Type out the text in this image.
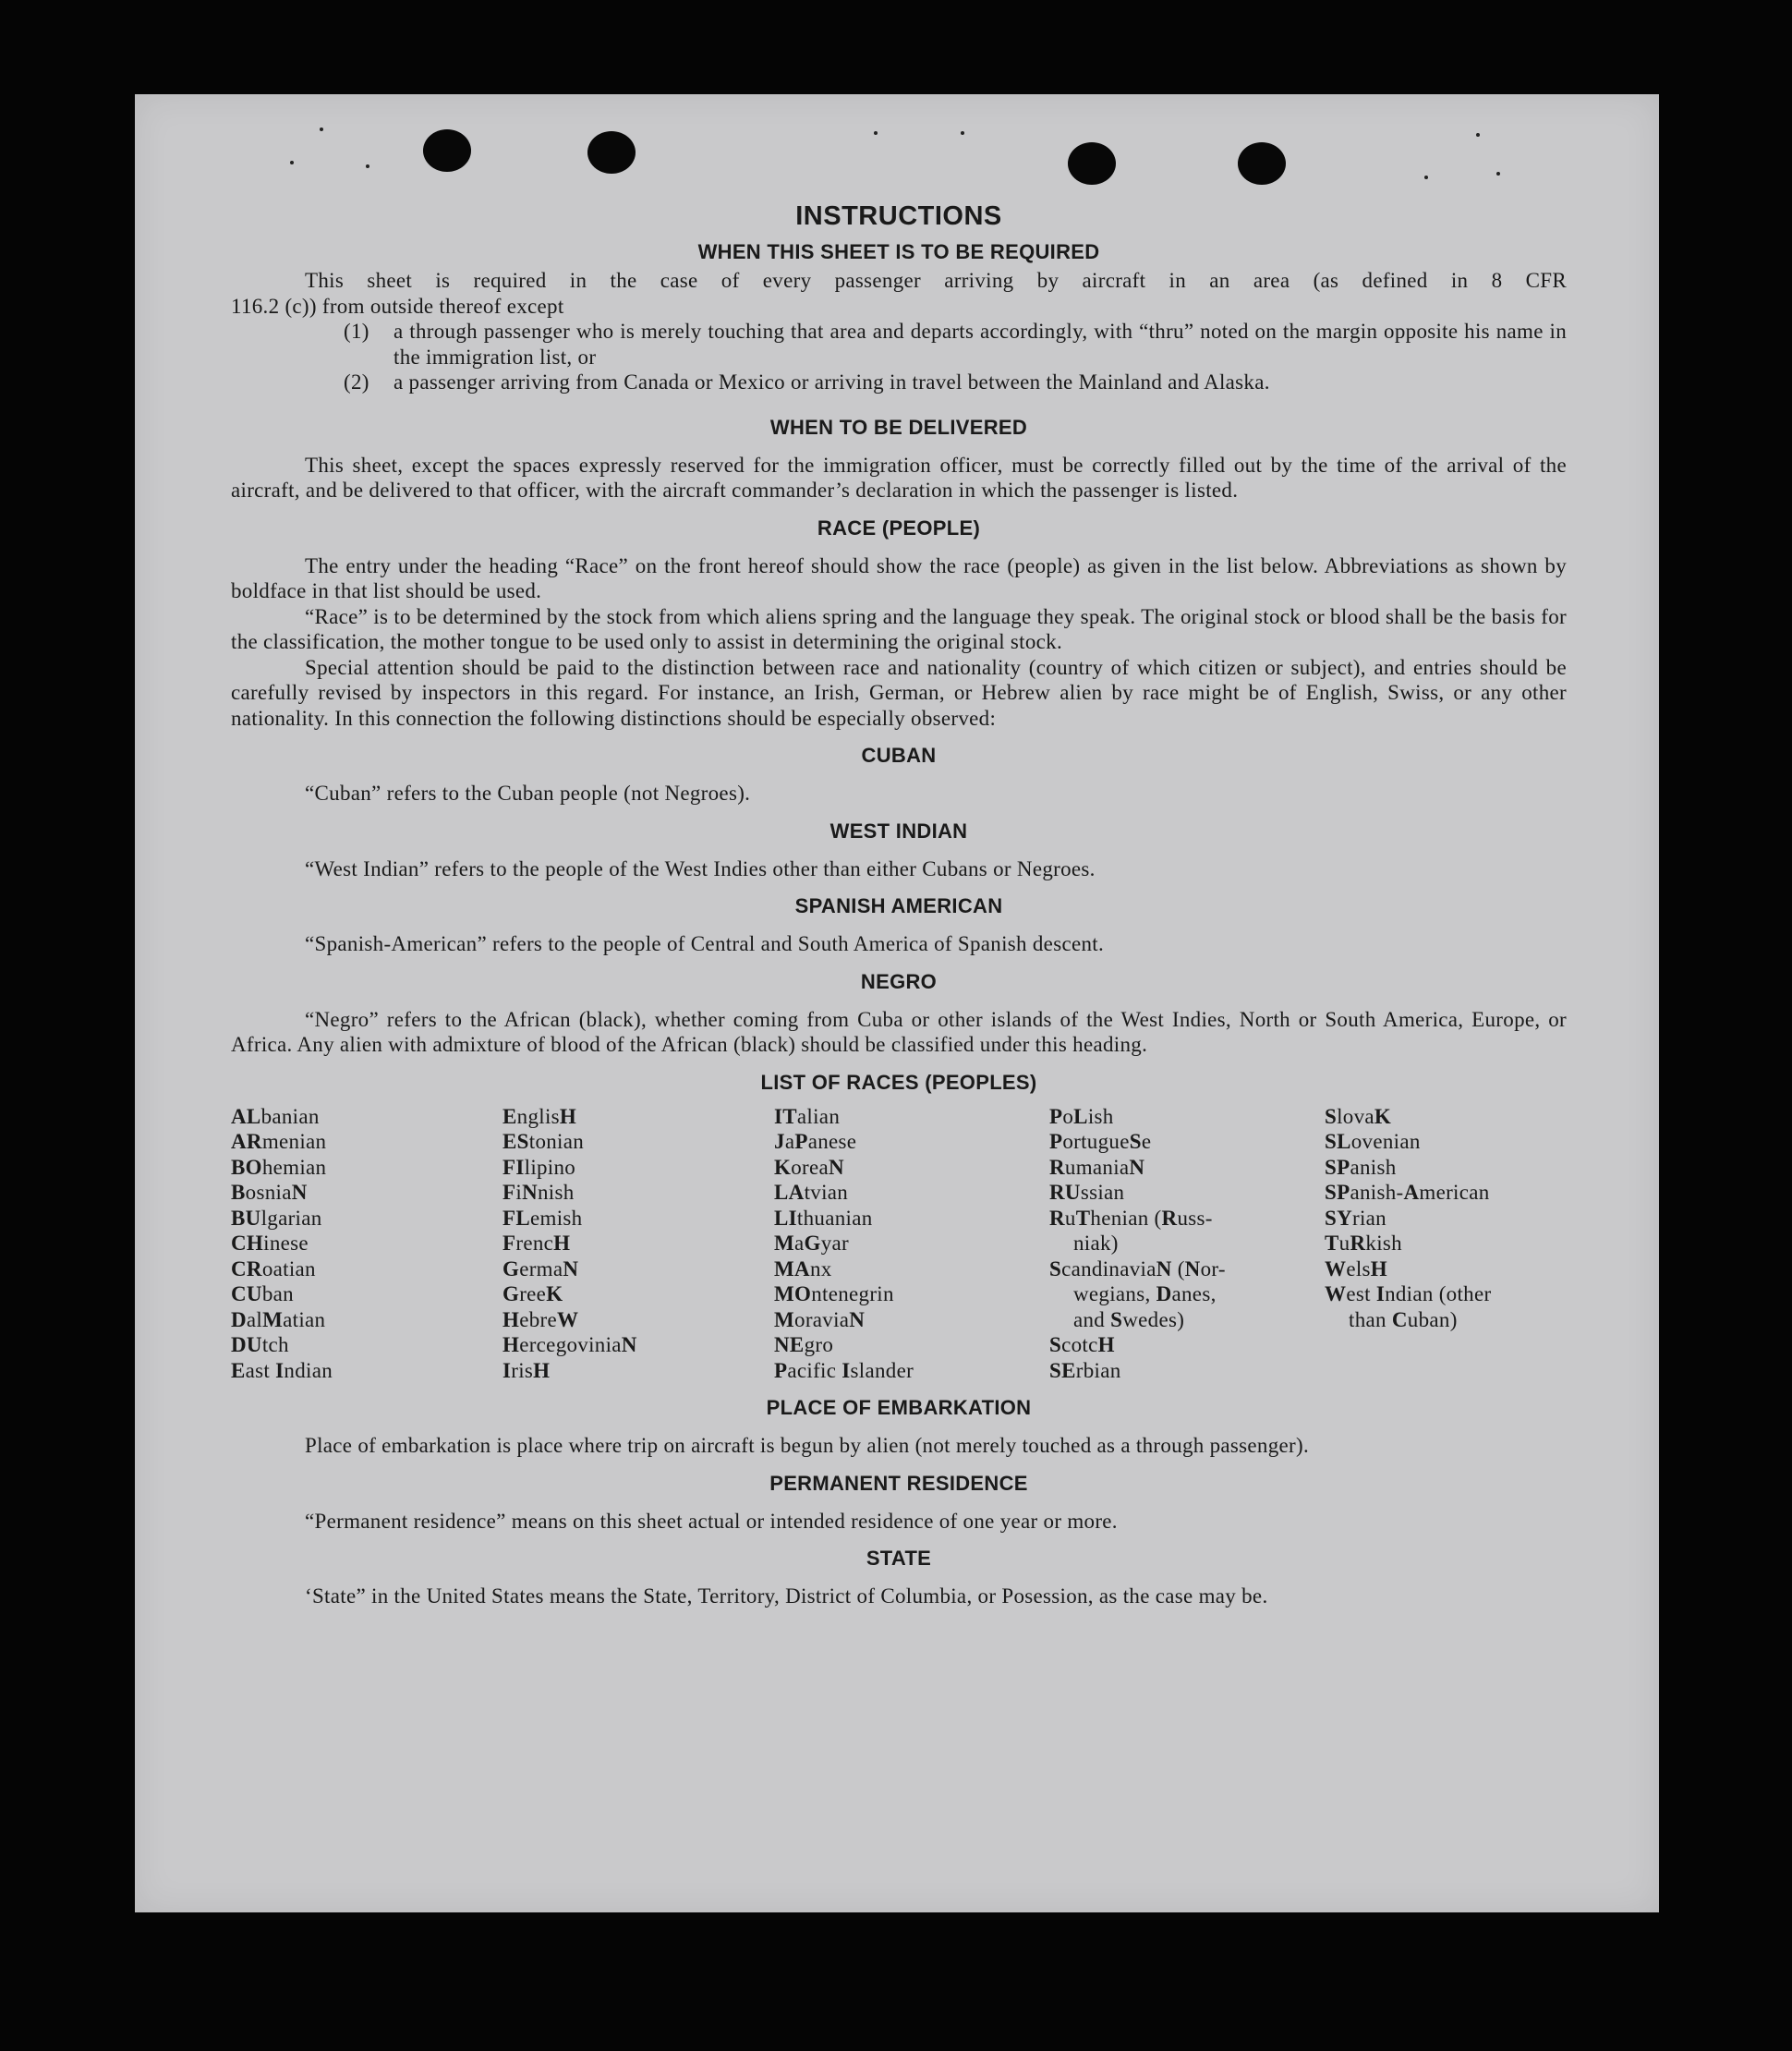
INSTRUCTIONS
WHEN THIS SHEET IS TO BE REQUIRED
This sheet is required in the case of every passenger arriving by aircraft in an area (as defined in 8 CFR
116.2 (c)) from outside thereof except
(1) a through passenger who is merely touching that area and departs accordingly, with “thru” noted on the margin opposite his name in the immigration list, or
(2) a passenger arriving from Canada or Mexico or arriving in travel between the Mainland and Alaska.
WHEN TO BE DELIVERED

This sheet, except the spaces expressly reserved for the immigration officer, must be correctly filled out by the time of the arrival of the aircraft, and be delivered to that officer, with the aircraft commander’s declaration in which the passenger is listed.

RACE (PEOPLE)

The entry under the heading “Race” on the front hereof should show the race (people) as given in the list below. Abbreviations as shown by boldface in that list should be used.

“Race” is to be determined by the stock from which aliens spring and the language they speak. The original stock or blood shall be the basis for the classification, the mother tongue to be used only to assist in determining the original stock.

Special attention should be paid to the distinction between race and nationality (country of which citizen or subject), and entries should be carefully revised by inspectors in this regard. For instance, an Irish, German, or Hebrew alien by race might be of English, Swiss, or any other nationality. In this connection the following distinctions should be especially observed:

CUBAN

“Cuban” refers to the Cuban people (not Negroes).

WEST INDIAN

“West Indian” refers to the people of the West Indies other than either Cubans or Negroes.

SPANISH AMERICAN

“Spanish-American” refers to the people of Central and South America of Spanish descent.

NEGRO

“Negro” refers to the African (black), whether coming from Cuba or other islands of the West Indies, North or South America, Europe, or Africa. Any alien with admixture of blood of the African (black) should be classified under this heading.

LIST OF RACES (PEOPLES)
ALbanian
ARmenian
BOhemian
BosniaN
BUlgarian
CHinese
CRoatian
CUban
DalMatian
DUtch
East Indian
EnglisH
EStonian
FIlipino
FiNnish
FLemish
FrencH
GermaN
GreeK
HebreW
HercegoviniaN
IrisH
ITalian
JaPanese
KoreaN
LAtvian
LIthuanian
MaGyar
MAnx
MOntenegrin
MoraviaN
NEgro
Pacific Islander
PoLish
PortugueSe
RumaniaN
RUssian
RuThenian (Russ-
niak)
ScandinaviaN (Nor-
wegians, Danes,
and Swedes)
ScotcH
SErbian
SlovaK
SLovenian
SPanish
SPanish-American
SYrian
TuRkish
WelsH
West Indian (other
than Cuban)
PLACE OF EMBARKATION

Place of embarkation is place where trip on aircraft is begun by alien (not merely touched as a through passenger).

PERMANENT RESIDENCE

“Permanent residence” means on this sheet actual or intended residence of one year or more.

STATE

‘State” in the United States means the State, Territory, District of Columbia, or Posession, as the case may be.
